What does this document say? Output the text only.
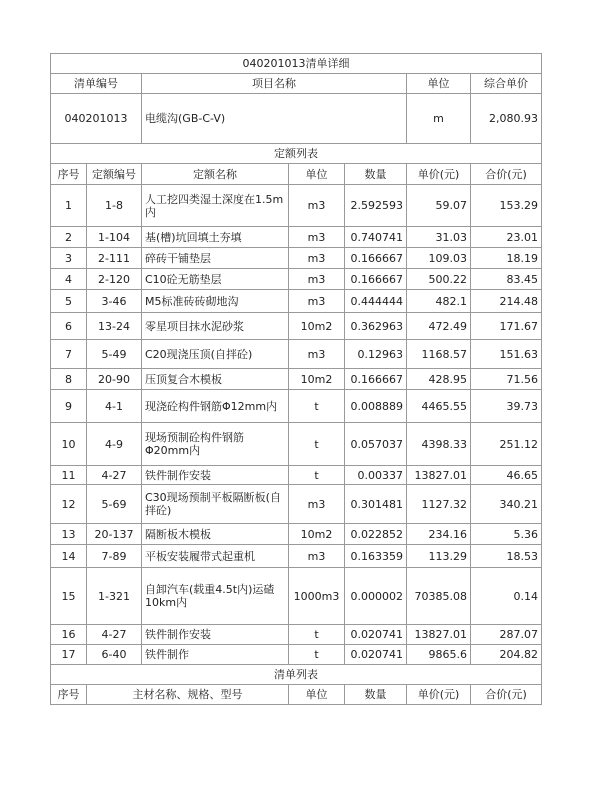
040201013清单详细						
清单编号		项目名称			单位	综合单价
040201013		电缆沟(GB-C-V)			m	2,080.93
定额列表						
序号	定额编号	定额名称	单位	数量	单价(元)	合价(元)
1	1-8	人工挖四类湿土深度在1.5m内	m3	2.592593	59.07	153.29
2	1-104	基(槽)坑回填土夯填	m3	0.740741	31.03	23.01
3	2-111	碎砖干铺垫层	m3	0.166667	109.03	18.19
4	2-120	C10砼无筋垫层	m3	0.166667	500.22	83.45
5	3-46	M5标准砖砖砌地沟	m3	0.444444	482.1	214.48
6	13-24	零星项目抹水泥砂浆	10m2	0.362963	472.49	171.67
7	5-49	C20现浇压顶(自拌砼)	m3	0.12963	1168.57	151.63
8	20-90	压顶复合木模板	10m2	0.166667	428.95	71.56
9	4-1	现浇砼构件钢筋Φ12mm内	t	0.008889	4465.55	39.73
10	4-9	现场预制砼构件钢筋Φ20mm内	t	0.057037	4398.33	251.12
11	4-27	铁件制作安装	t	0.00337	13827.01	46.65
12	5-69	C30现场预制平板隔断板(自拌砼)	m3	0.301481	1127.32	340.21
13	20-137	隔断板木模板	10m2	0.022852	234.16	5.36
14	7-89	平板安装履带式起重机	m3	0.163359	113.29	18.53
15	1-321	自卸汽车(载重4.5t内)运碴10km内	1000m3	0.000002	70385.08	0.14
16	4-27	铁件制作安装	t	0.020741	13827.01	287.07
17	6-40	铁件制作	t	0.020741	9865.6	204.82
清单列表						
序号	主材名称、规格、型号		单位	数量	单价(元)	合价(元)
